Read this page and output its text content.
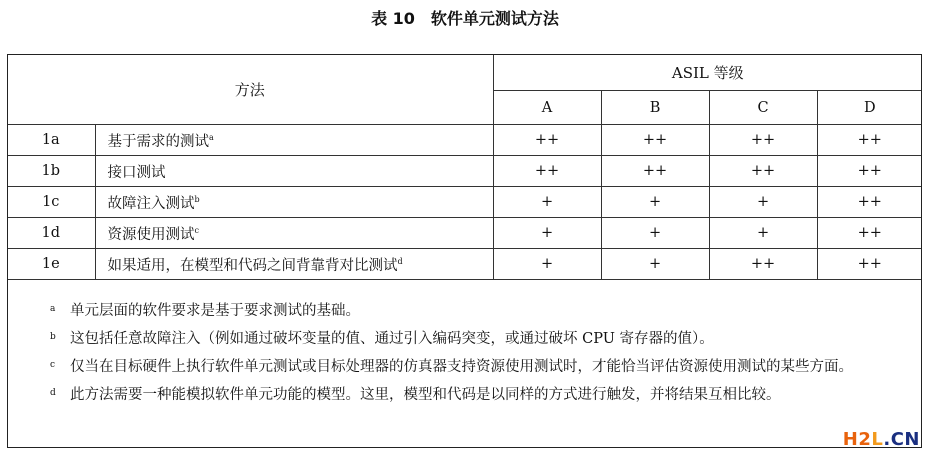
表 10　软件单元测试方法
方法		ASIL 等级			
		A	B	C	D
1a	基于需求的测试$^a$	++	++	++	++
1b	接口测试	++	++	++	++
1c	故障注入测试$^b$	+	+	+	++
1d	资源使用测试$^c$	+	+	+	++
1e	如果适用，在模型和代码之间背靠背对比测试$^d$	+	+	++	++
a 单元层面的软件要求是基于要求测试的基础。
b 这包括任意故障注入（例如通过破坏变量的值、通过引入编码突变，或通过破坏 CPU 寄存器的值）。
c 仅当在目标硬件上执行软件单元测试或目标处理器的仿真器支持资源使用测试时，才能恰当评估资源使用测试的某些方面。
d 此方法需要一种能模拟软件单元功能的模型。这里，模型和代码是以同样的方式进行触发，并将结果互相比较。
H2L.CN
